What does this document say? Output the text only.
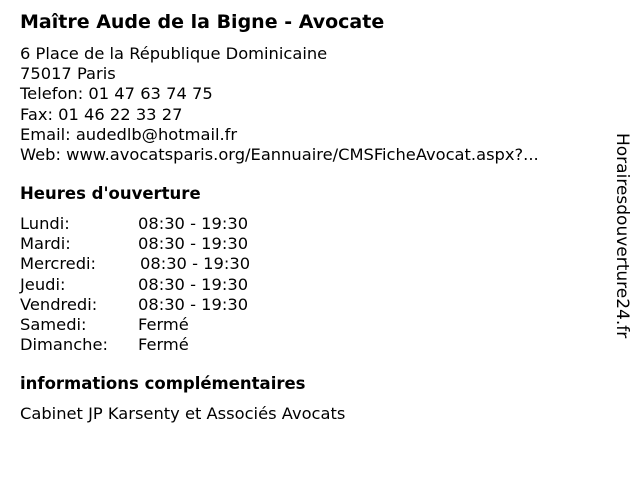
Maître Aude de la Bigne - Avocate
6 Place de la République Dominicaine
75017 Paris
Telefon: 01 47 63 74 75
Fax: 01 46 22 33 27
Email: audedlb@hotmail.fr
Web: www.avocatsparis.org/Eannuaire/CMSFicheAvocat.aspx?...
Heures d'ouverture
Lundi:	08:30 - 19:30
Mardi:	08:30 - 19:30
Mercredi:	08:30 - 19:30
Jeudi:	08:30 - 19:30
Vendredi:	08:30 - 19:30
Samedi:	Fermé
Dimanche: Fermé
informations complémentaires
Cabinet JP Karsenty et Associés Avocats
Horairesdouverture24.fr
